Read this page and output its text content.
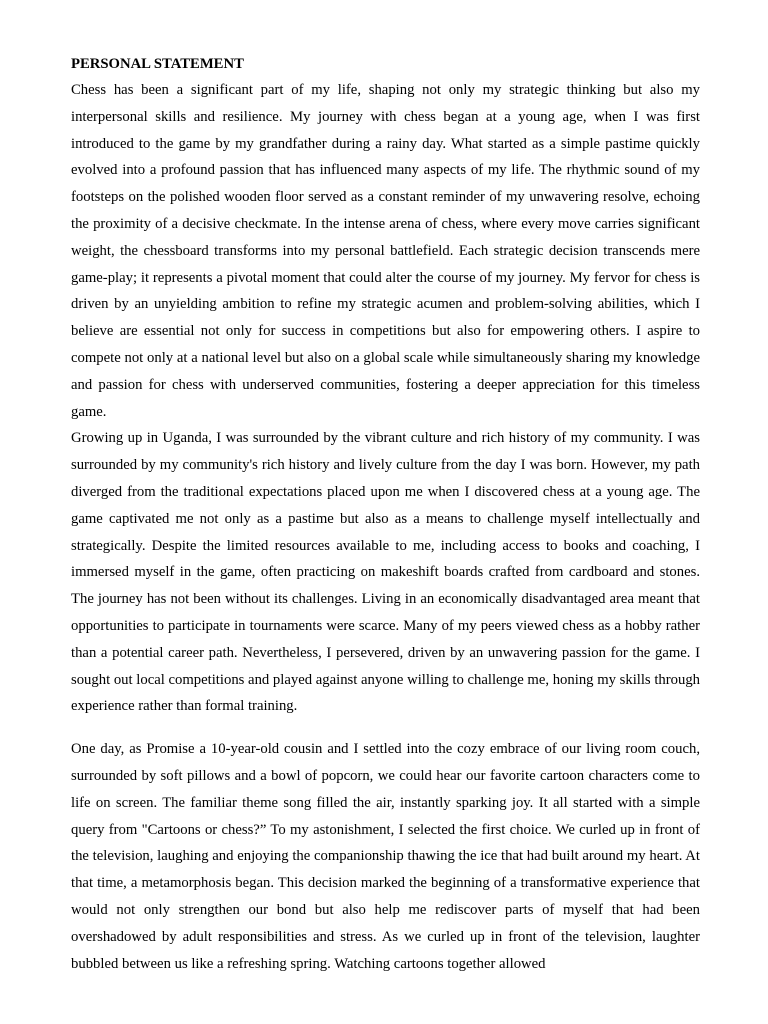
PERSONAL STATEMENT

Chess has been a significant part of my life, shaping not only my strategic thinking but also my interpersonal skills and resilience. My journey with chess began at a young age, when I was first introduced to the game by my grandfather during a rainy day. What started as a simple pastime quickly evolved into a profound passion that has influenced many aspects of my life. The rhythmic sound of my footsteps on the polished wooden floor served as a constant reminder of my unwavering resolve, echoing the proximity of a decisive checkmate. In the intense arena of chess, where every move carries significant weight, the chessboard transforms into my personal battlefield. Each strategic decision transcends mere game-play; it represents a pivotal moment that could alter the course of my journey. My fervor for chess is driven by an unyielding ambition to refine my strategic acumen and problem-solving abilities, which I believe are essential not only for success in competitions but also for empowering others. I aspire to compete not only at a national level but also on a global scale while simultaneously sharing my knowledge and passion for chess with underserved communities, fostering a deeper appreciation for this timeless game.

Growing up in Uganda, I was surrounded by the vibrant culture and rich history of my community. I was surrounded by my community's rich history and lively culture from the day I was born. However, my path diverged from the traditional expectations placed upon me when I discovered chess at a young age. The game captivated me not only as a pastime but also as a means to challenge myself intellectually and strategically. Despite the limited resources available to me, including access to books and coaching, I immersed myself in the game, often practicing on makeshift boards crafted from cardboard and stones. The journey has not been without its challenges. Living in an economically disadvantaged area meant that opportunities to participate in tournaments were scarce. Many of my peers viewed chess as a hobby rather than a potential career path. Nevertheless, I persevered, driven by an unwavering passion for the game. I sought out local competitions and played against anyone willing to challenge me, honing my skills through experience rather than formal training.

One day, as Promise a 10-year-old cousin and I settled into the cozy embrace of our living room couch, surrounded by soft pillows and a bowl of popcorn, we could hear our favorite cartoon characters come to life on screen. The familiar theme song filled the air, instantly sparking joy. It all started with a simple query from "Cartoons or chess?” To my astonishment, I selected the first choice. We curled up in front of the television, laughing and enjoying the companionship thawing the ice that had built around my heart. At that time, a metamorphosis began. This decision marked the beginning of a transformative experience that would not only strengthen our bond but also help me rediscover parts of myself that had been overshadowed by adult responsibilities and stress. As we curled up in front of the television, laughter bubbled between us like a refreshing spring. Watching cartoons together allowed
